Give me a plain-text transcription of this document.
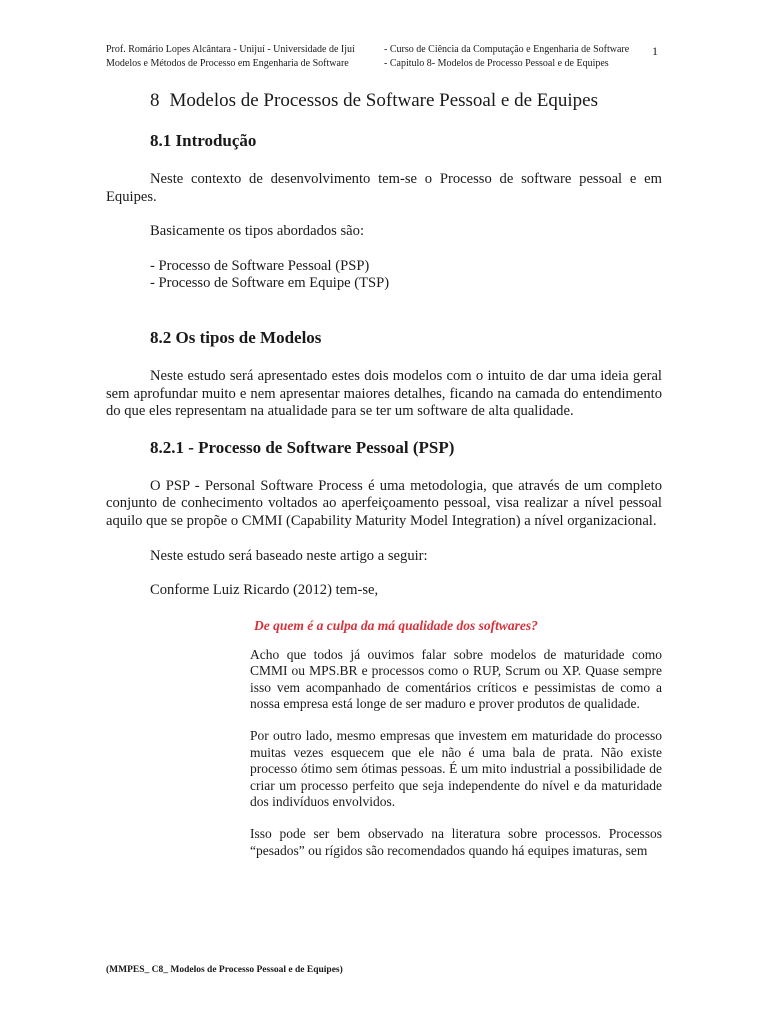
Prof. Romário Lopes Alcântara - Unijuí - Universidade de Ijuí
Modelos e Métodos de Processo em Engenharia de Software
- Curso de Ciência da Computação e Engenharia de Software
- Capitulo 8- Modelos de Processo Pessoal e de Equipes
1
8 Modelos de Processos de Software Pessoal e de Equipes
8.1 Introdução

Neste contexto de desenvolvimento tem-se o Processo de software pessoal e em Equipes.

Basicamente os tipos abordados são:

- Processo de Software Pessoal (PSP)

- Processo de Software em Equipe (TSP)

8.2 Os tipos de Modelos

Neste estudo será apresentado estes dois modelos com o intuito de dar uma ideia geral sem aprofundar muito e nem apresentar maiores detalhes, ficando na camada do entendimento do que eles representam na atualidade para se ter um software de alta qualidade.

8.2.1 - Processo de Software Pessoal (PSP)

O PSP - Personal Software Process é uma metodologia, que através de um completo conjunto de conhecimento voltados ao aperfeiçoamento pessoal, visa realizar a nível pessoal aquilo que se propõe o CMMI (Capability Maturity Model Integration) a nível organizacional.

Neste estudo será baseado neste artigo a seguir:

Conforme Luiz Ricardo (2012) tem-se,

De quem é a culpa da má qualidade dos softwares?

Acho que todos já ouvimos falar sobre modelos de maturidade como CMMI ou MPS.BR e processos como o RUP, Scrum ou XP. Quase sempre isso vem acompanhado de comentários críticos e pessimistas de como a nossa empresa está longe de ser maduro e prover produtos de qualidade.

Por outro lado, mesmo empresas que investem em maturidade do processo muitas vezes esquecem que ele não é uma bala de prata. Não existe processo ótimo sem ótimas pessoas. É um mito industrial a possibilidade de criar um processo perfeito que seja independente do nível e da maturidade dos indivíduos envolvidos.

Isso pode ser bem observado na literatura sobre processos. Processos “pesados” ou rígidos são recomendados quando há equipes imaturas, sem

(MMPES_ C8_ Modelos de Processo Pessoal e de Equipes)
